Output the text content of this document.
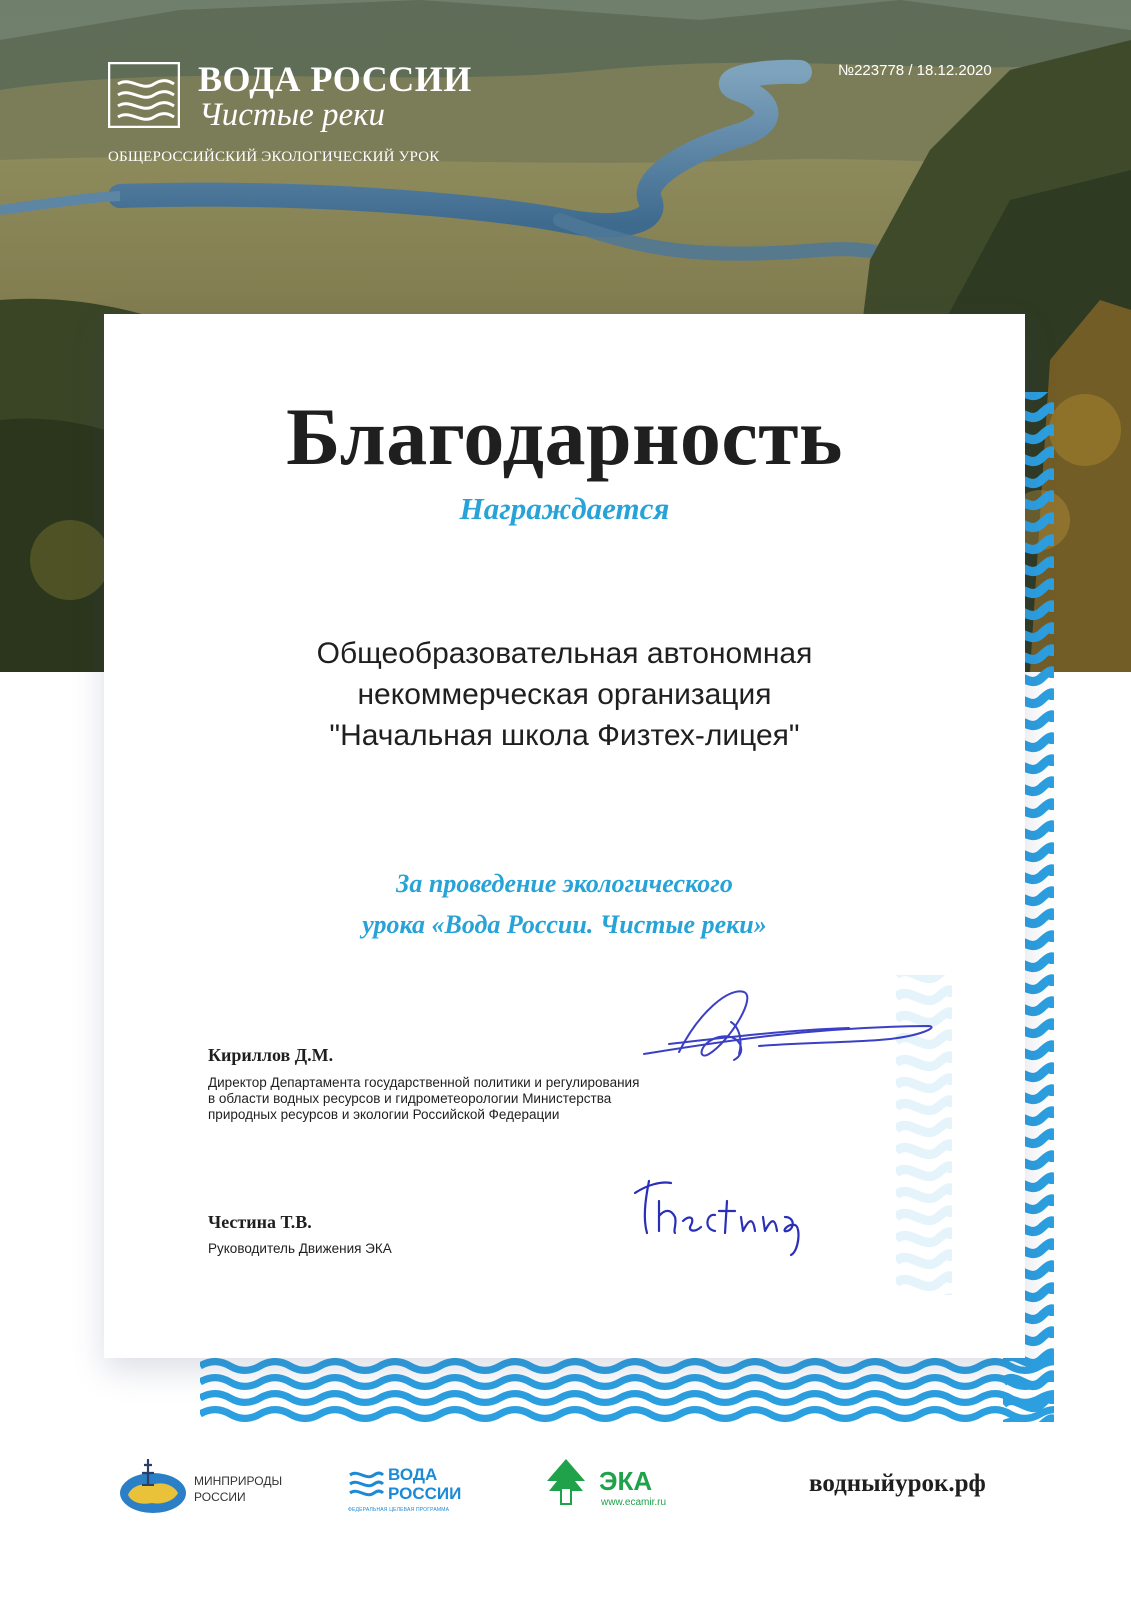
ВОДА РОССИИ
Чистые реки
ОБЩЕРОССИЙСКИЙ ЭКОЛОГИЧЕСКИЙ УРОК
№223778 / 18.12.2020
Благодарность
Награждается
Общеобразовательная автономная
некоммерческая организация
"Начальная школа Физтех-лицея"
За проведение экологического
урока «Вода России. Чистые реки»
Кириллов Д.М.
Директор Департамента государственной политики и регулирования
в области водных ресурсов и гидрометеорологии Министерства
природных ресурсов и экологии Российской Федерации
Честина Т.В.
Руководитель Движения ЭКА
МИНПРИРОДЫ
РОССИИ
ВОДА
РОССИИ
ФЕДЕРАЛЬНАЯ ЦЕЛЕВАЯ ПРОГРАММА
ЭКА
www.ecamir.ru
водныйурок.рф
